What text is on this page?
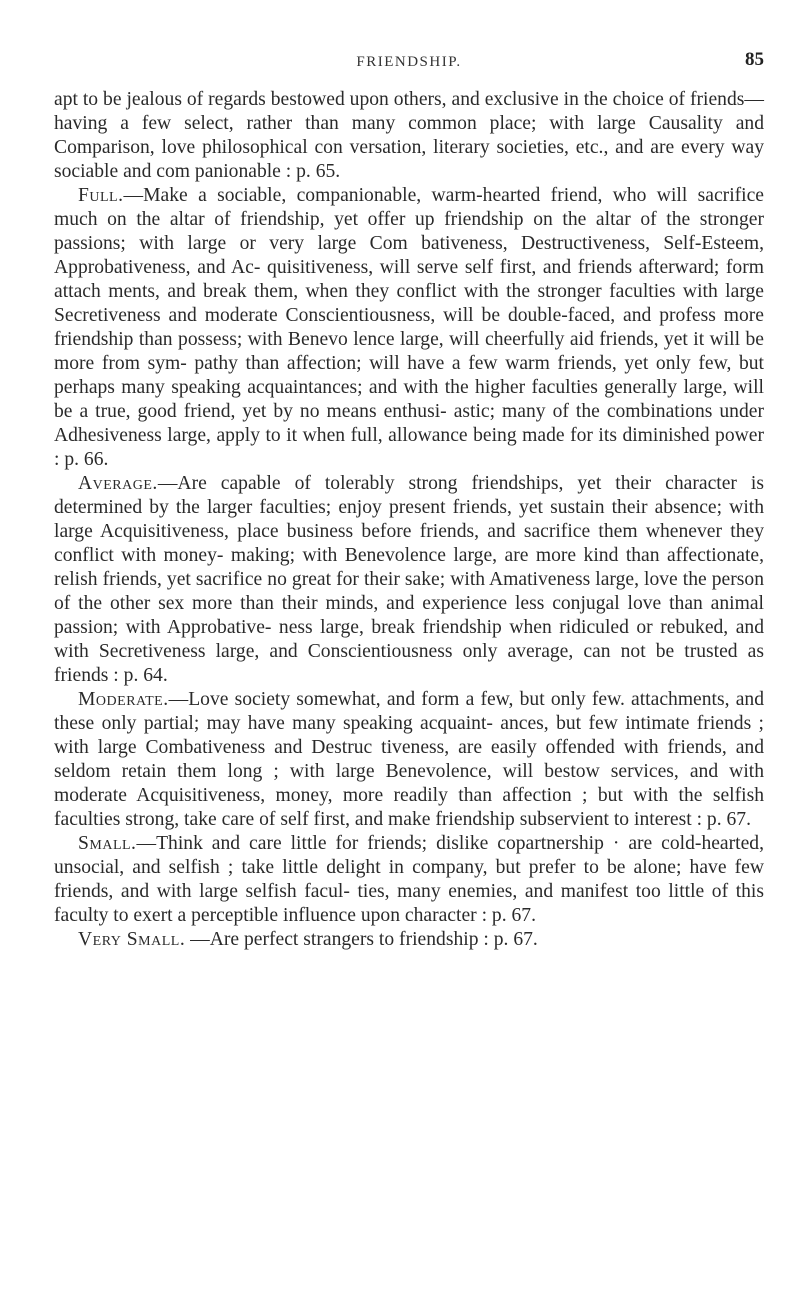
FRIENDSHIP.	85

apt to be jealous of regards bestowed upon others, and exclusive in the choice of friends—having a few select, rather than many common place; with large Causality and Comparison, love philosophical con versation, literary societies, etc., and are every way sociable and com panionable : p. 65.

Full.—Make a sociable, companionable, warm-hearted friend, who will sacrifice much on the altar of friendship, yet offer up friendship on the altar of the stronger passions; with large or very large Com bativeness, Destructiveness, Self-Esteem, Approbativeness, and Ac- quisitiveness, will serve self first, and friends afterward; form attach ments, and break them, when they conflict with the stronger faculties with large Secretiveness and moderate Conscientiousness, will be double-faced, and profess more friendship than possess; with Benevo lence large, will cheerfully aid friends, yet it will be more from sym- pathy than affection; will have a few warm friends, yet only few, but perhaps many speaking acquaintances; and with the higher faculties generally large, will be a true, good friend, yet by no means enthusi- astic; many of the combinations under Adhesiveness large, apply to it when full, allowance being made for its diminished power : p. 66.

Average.—Are capable of tolerably strong friendships, yet their character is determined by the larger faculties; enjoy present friends, yet sustain their absence; with large Acquisitiveness, place business before friends, and sacrifice them whenever they conflict with money- making; with Benevolence large, are more kind than affectionate, relish friends, yet sacrifice no great for their sake; with Amativeness large, love the person of the other sex more than their minds, and experience less conjugal love than animal passion; with Approbative- ness large, break friendship when ridiculed or rebuked, and with Secretiveness large, and Conscientiousness only average, can not be trusted as friends : p. 64.

Moderate.—Love society somewhat, and form a few, but only few. attachments, and these only partial; may have many speaking acquaint- ances, but few intimate friends ; with large Combativeness and Destruc tiveness, are easily offended with friends, and seldom retain them long ; with large Benevolence, will bestow services, and with moderate Acquisitiveness, money, more readily than affection ; but with the selfish faculties strong, take care of self first, and make friendship subservient to interest : p. 67.

Small.—Think and care little for friends; dislike copartnership · are cold-hearted, unsocial, and selfish ; take little delight in company, but prefer to be alone; have few friends, and with large selfish facul- ties, many enemies, and manifest too little of this faculty to exert a perceptible influence upon character : p. 67.

Very Small. —Are perfect strangers to friendship : p. 67.
